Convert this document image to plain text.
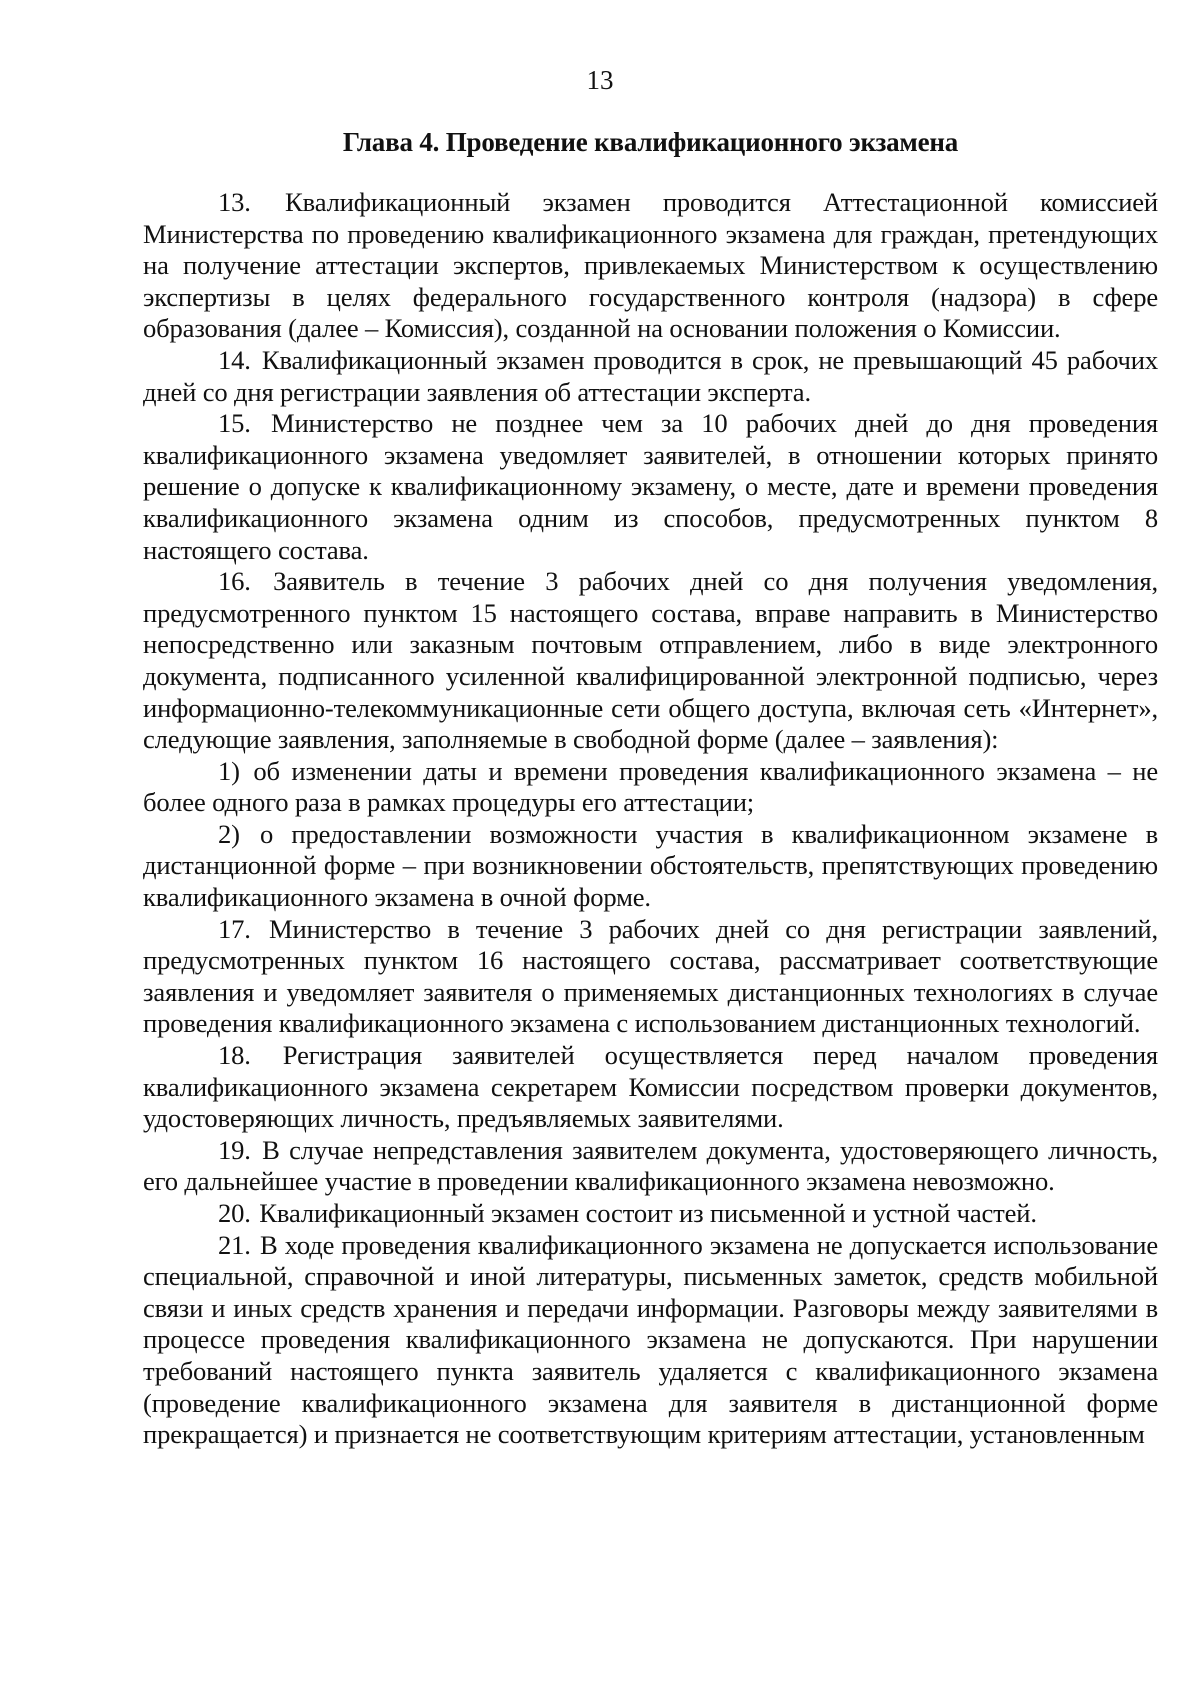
13
Глава 4. Проведение квалификационного экзамена

13. Квалификационный экзамен проводится Аттестационной комиссией Министерства по проведению квалификационного экзамена для граждан, претендующих на получение аттестации экспертов, привлекаемых Министерством к осуществлению экспертизы в целях федерального государственного контроля (надзора) в сфере образования (далее – Комиссия), созданной на основании положения о Комиссии.

14. Квалификационный экзамен проводится в срок, не превышающий 45 рабочих дней со дня регистрации заявления об аттестации эксперта.

15. Министерство не позднее чем за 10 рабочих дней до дня проведения квалификационного экзамена уведомляет заявителей, в отношении которых принято решение о допуске к квалификационному экзамену, о месте, дате и времени проведения квалификационного экзамена одним из способов, предусмотренных пунктом 8 настоящего состава.

16. Заявитель в течение 3 рабочих дней со дня получения уведомления, предусмотренного пунктом 15 настоящего состава, вправе направить в Министерство непосредственно или заказным почтовым отправлением, либо в виде электронного документа, подписанного усиленной квалифицированной электронной подписью, через информационно-телекоммуникационные сети общего доступа, включая сеть «Интернет», следующие заявления, заполняемые в свободной форме (далее – заявления):

1) об изменении даты и времени проведения квалификационного экзамена – не более одного раза в рамках процедуры его аттестации;

2) о предоставлении возможности участия в квалификационном экзамене в дистанционной форме – при возникновении обстоятельств, препятствующих проведению квалификационного экзамена в очной форме.

17. Министерство в течение 3 рабочих дней со дня регистрации заявлений, предусмотренных пунктом 16 настоящего состава, рассматривает соответствующие заявления и уведомляет заявителя о применяемых дистанционных технологиях в случае проведения квалификационного экзамена с использованием дистанционных технологий.

18. Регистрация заявителей осуществляется перед началом проведения квалификационного экзамена секретарем Комиссии посредством проверки документов, удостоверяющих личность, предъявляемых заявителями.

19. В случае непредставления заявителем документа, удостоверяющего личность, его дальнейшее участие в проведении квалификационного экзамена невозможно.

20. Квалификационный экзамен состоит из письменной и устной частей.

21. В ходе проведения квалификационного экзамена не допускается использование специальной, справочной и иной литературы, письменных заметок, средств мобильной связи и иных средств хранения и передачи информации. Разговоры между заявителями в процессе проведения квалификационного экзамена не допускаются. При нарушении требований настоящего пункта заявитель удаляется с квалификационного экзамена (проведение квалификационного экзамена для заявителя в дистанционной форме прекращается) и признается не соответствующим критериям аттестации, установленным
